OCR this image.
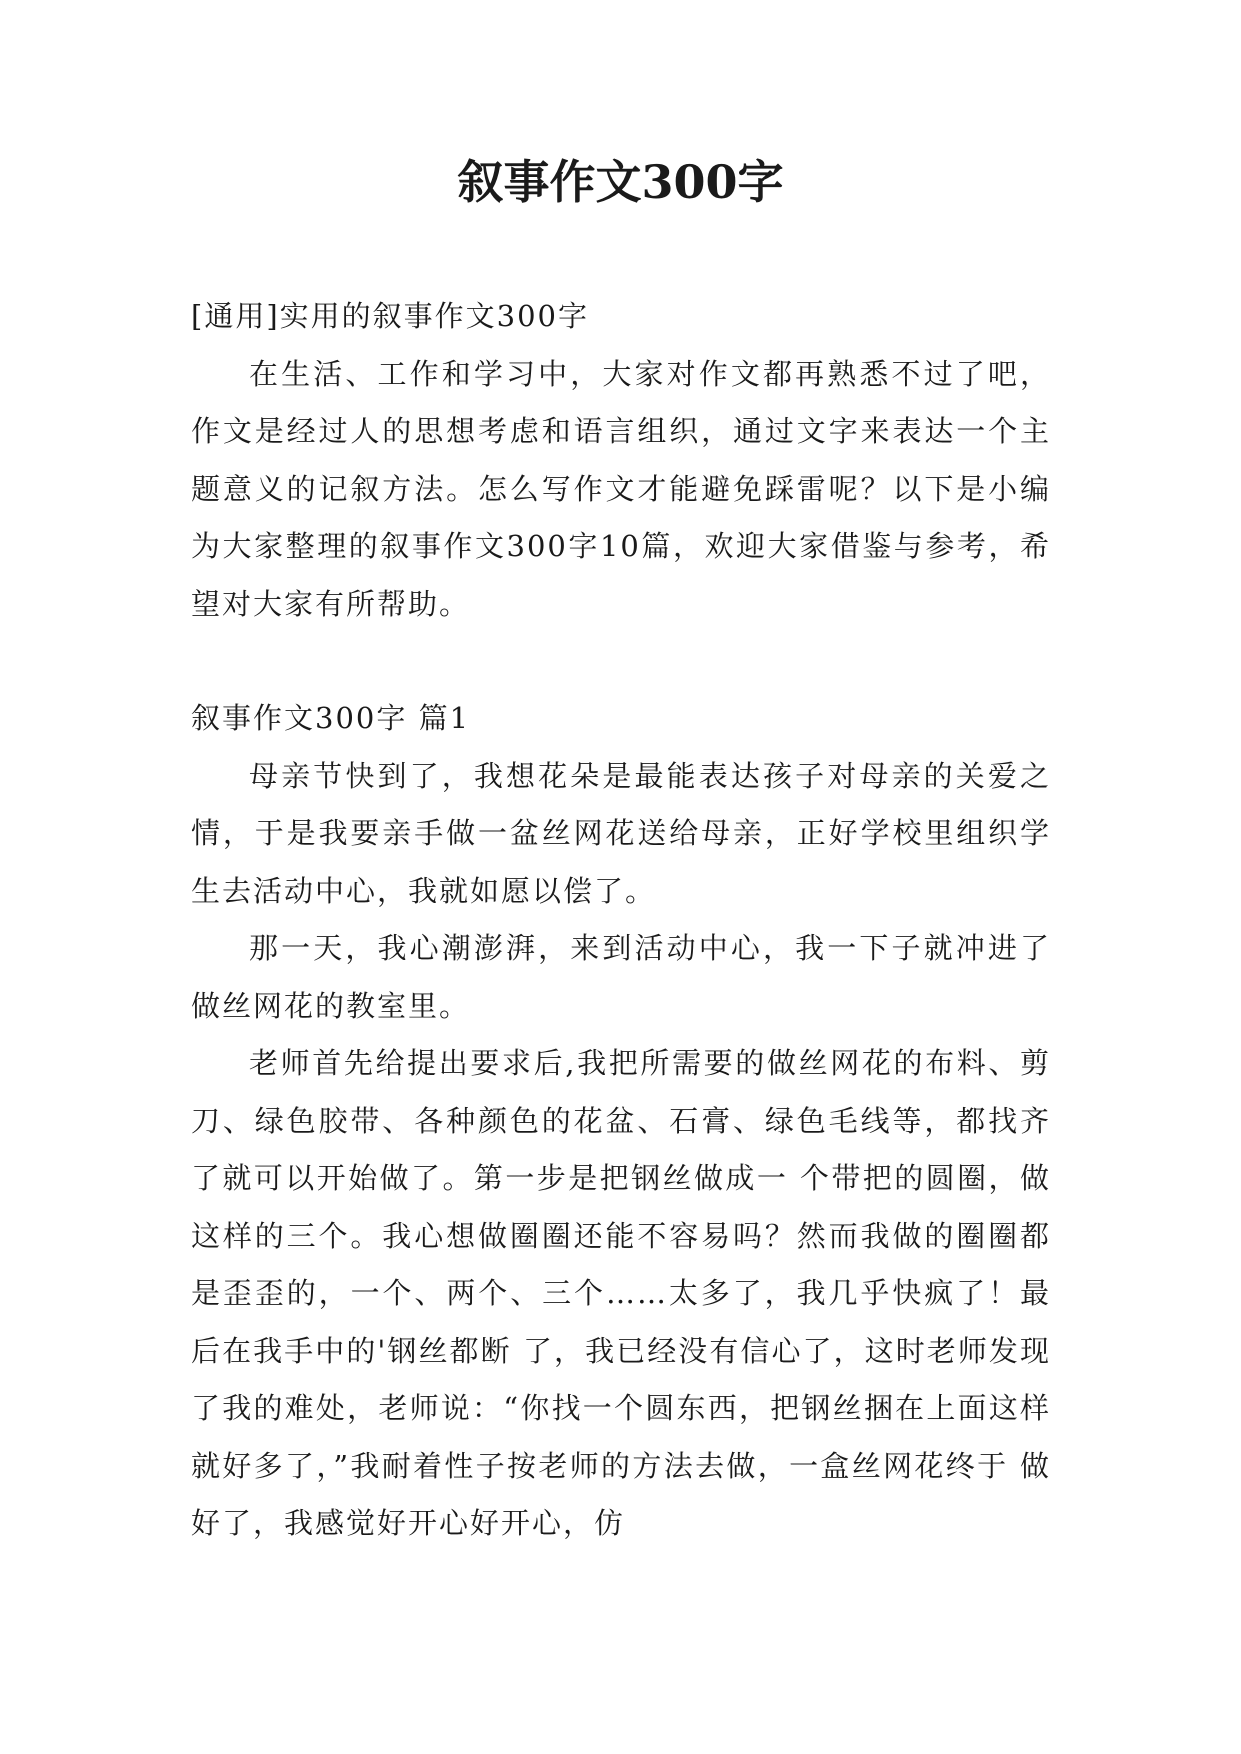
叙事作文300字

[通用]实用的叙事作文300字

在生活、工作和学习中，大家对作文都再熟悉不过了吧，作文是经过人的思想考虑和语言组织，通过文字来表达一个主题意义的记叙方法。怎么写作文才能避免踩雷呢？以下是小编为大家整理的叙事作文300字10篇，欢迎大家借鉴与参考，希望对大家有所帮助。

叙事作文300字 篇1

母亲节快到了，我想花朵是最能表达孩子对母亲的关爱之情，于是我要亲手做一盆丝网花送给母亲，正好学校里组织学生去活动中心，我就如愿以偿了。

那一天，我心潮澎湃，来到活动中心，我一下子就冲进了做丝网花的教室里。

老师首先给提出要求后,我把所需要的做丝网花的布料、剪刀、绿色胶带、各种颜色的花盆、石膏、绿色毛线等，都找齐了就可以开始做了。第一步是把钢丝做成一 个带把的圆圈，做这样的三个。我心想做圈圈还能不容易吗？然而我做的圈圈都是歪歪的，一个、两个、三个……太多了，我几乎快疯了！最后在我手中的'钢丝都断 了，我已经没有信心了，这时老师发现了我的难处，老师说：“你找一个圆东西，把钢丝捆在上面这样就好多了，”我耐着性子按老师的方法去做，一盒丝网花终于 做好了，我感觉好开心好开心，仿
